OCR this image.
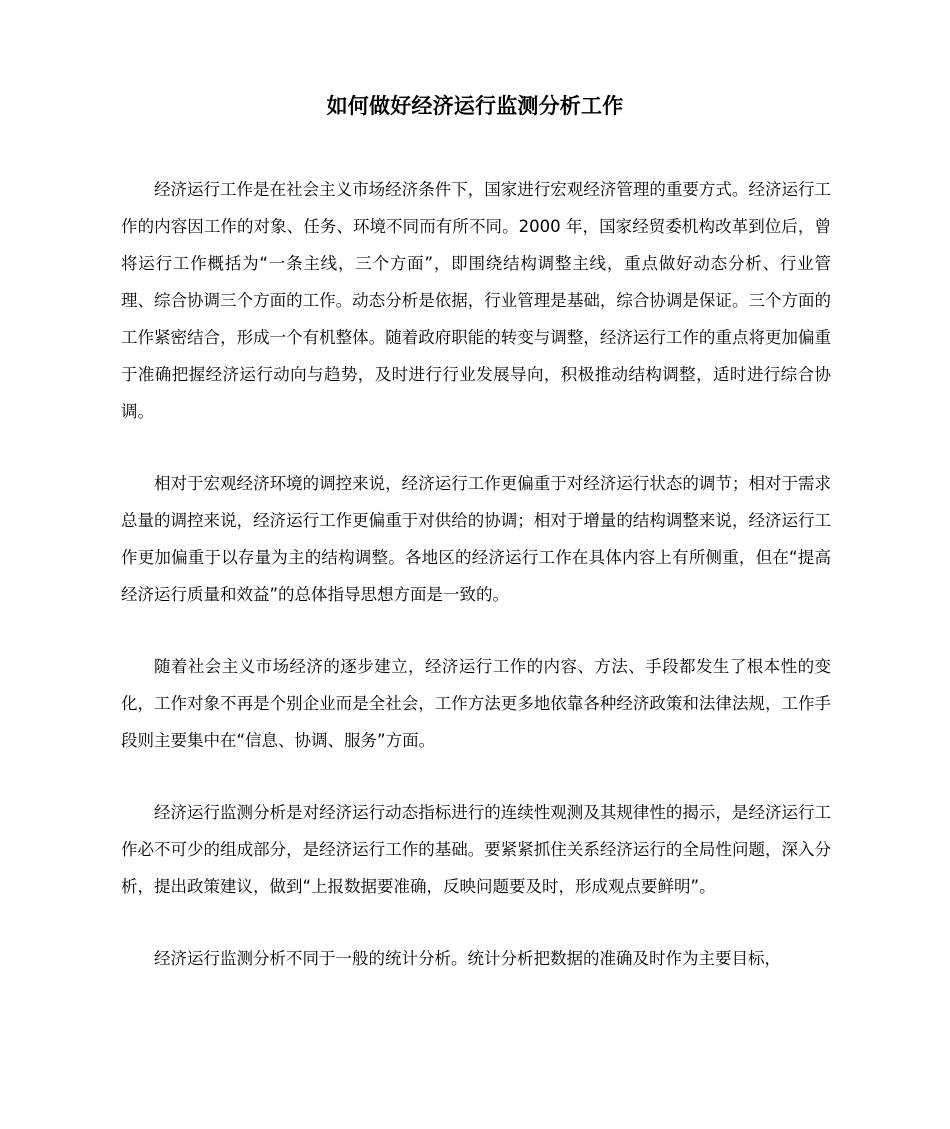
如何做好经济运行监测分析工作

经济运行工作是在社会主义市场经济条件下，国家进行宏观经济管理的重要方式。经济运行工作的内容因工作的对象、任务、环境不同而有所不同。2000 年，国家经贸委机构改革到位后，曾将运行工作概括为“一条主线，三个方面”，即围绕结构调整主线，重点做好动态分析、行业管理、综合协调三个方面的工作。动态分析是依据，行业管理是基础，综合协调是保证。三个方面的工作紧密结合，形成一个有机整体。随着政府职能的转变与调整，经济运行工作的重点将更加偏重于准确把握经济运行动向与趋势，及时进行行业发展导向，积极推动结构调整，适时进行综合协调。

相对于宏观经济环境的调控来说，经济运行工作更偏重于对经济运行状态的调节；相对于需求总量的调控来说，经济运行工作更偏重于对供给的协调；相对于增量的结构调整来说，经济运行工作更加偏重于以存量为主的结构调整。各地区的经济运行工作在具体内容上有所侧重，但在“提高经济运行质量和效益”的总体指导思想方面是一致的。

随着社会主义市场经济的逐步建立，经济运行工作的内容、方法、手段都发生了根本性的变化，工作对象不再是个别企业而是全社会，工作方法更多地依靠各种经济政策和法律法规，工作手段则主要集中在“信息、协调、服务”方面。

经济运行监测分析是对经济运行动态指标进行的连续性观测及其规律性的揭示，是经济运行工作必不可少的组成部分，是经济运行工作的基础。要紧紧抓住关系经济运行的全局性问题，深入分析，提出政策建议，做到“上报数据要准确，反映问题要及时，形成观点要鲜明”。

经济运行监测分析不同于一般的统计分析。统计分析把数据的准确及时作为主要目标，
